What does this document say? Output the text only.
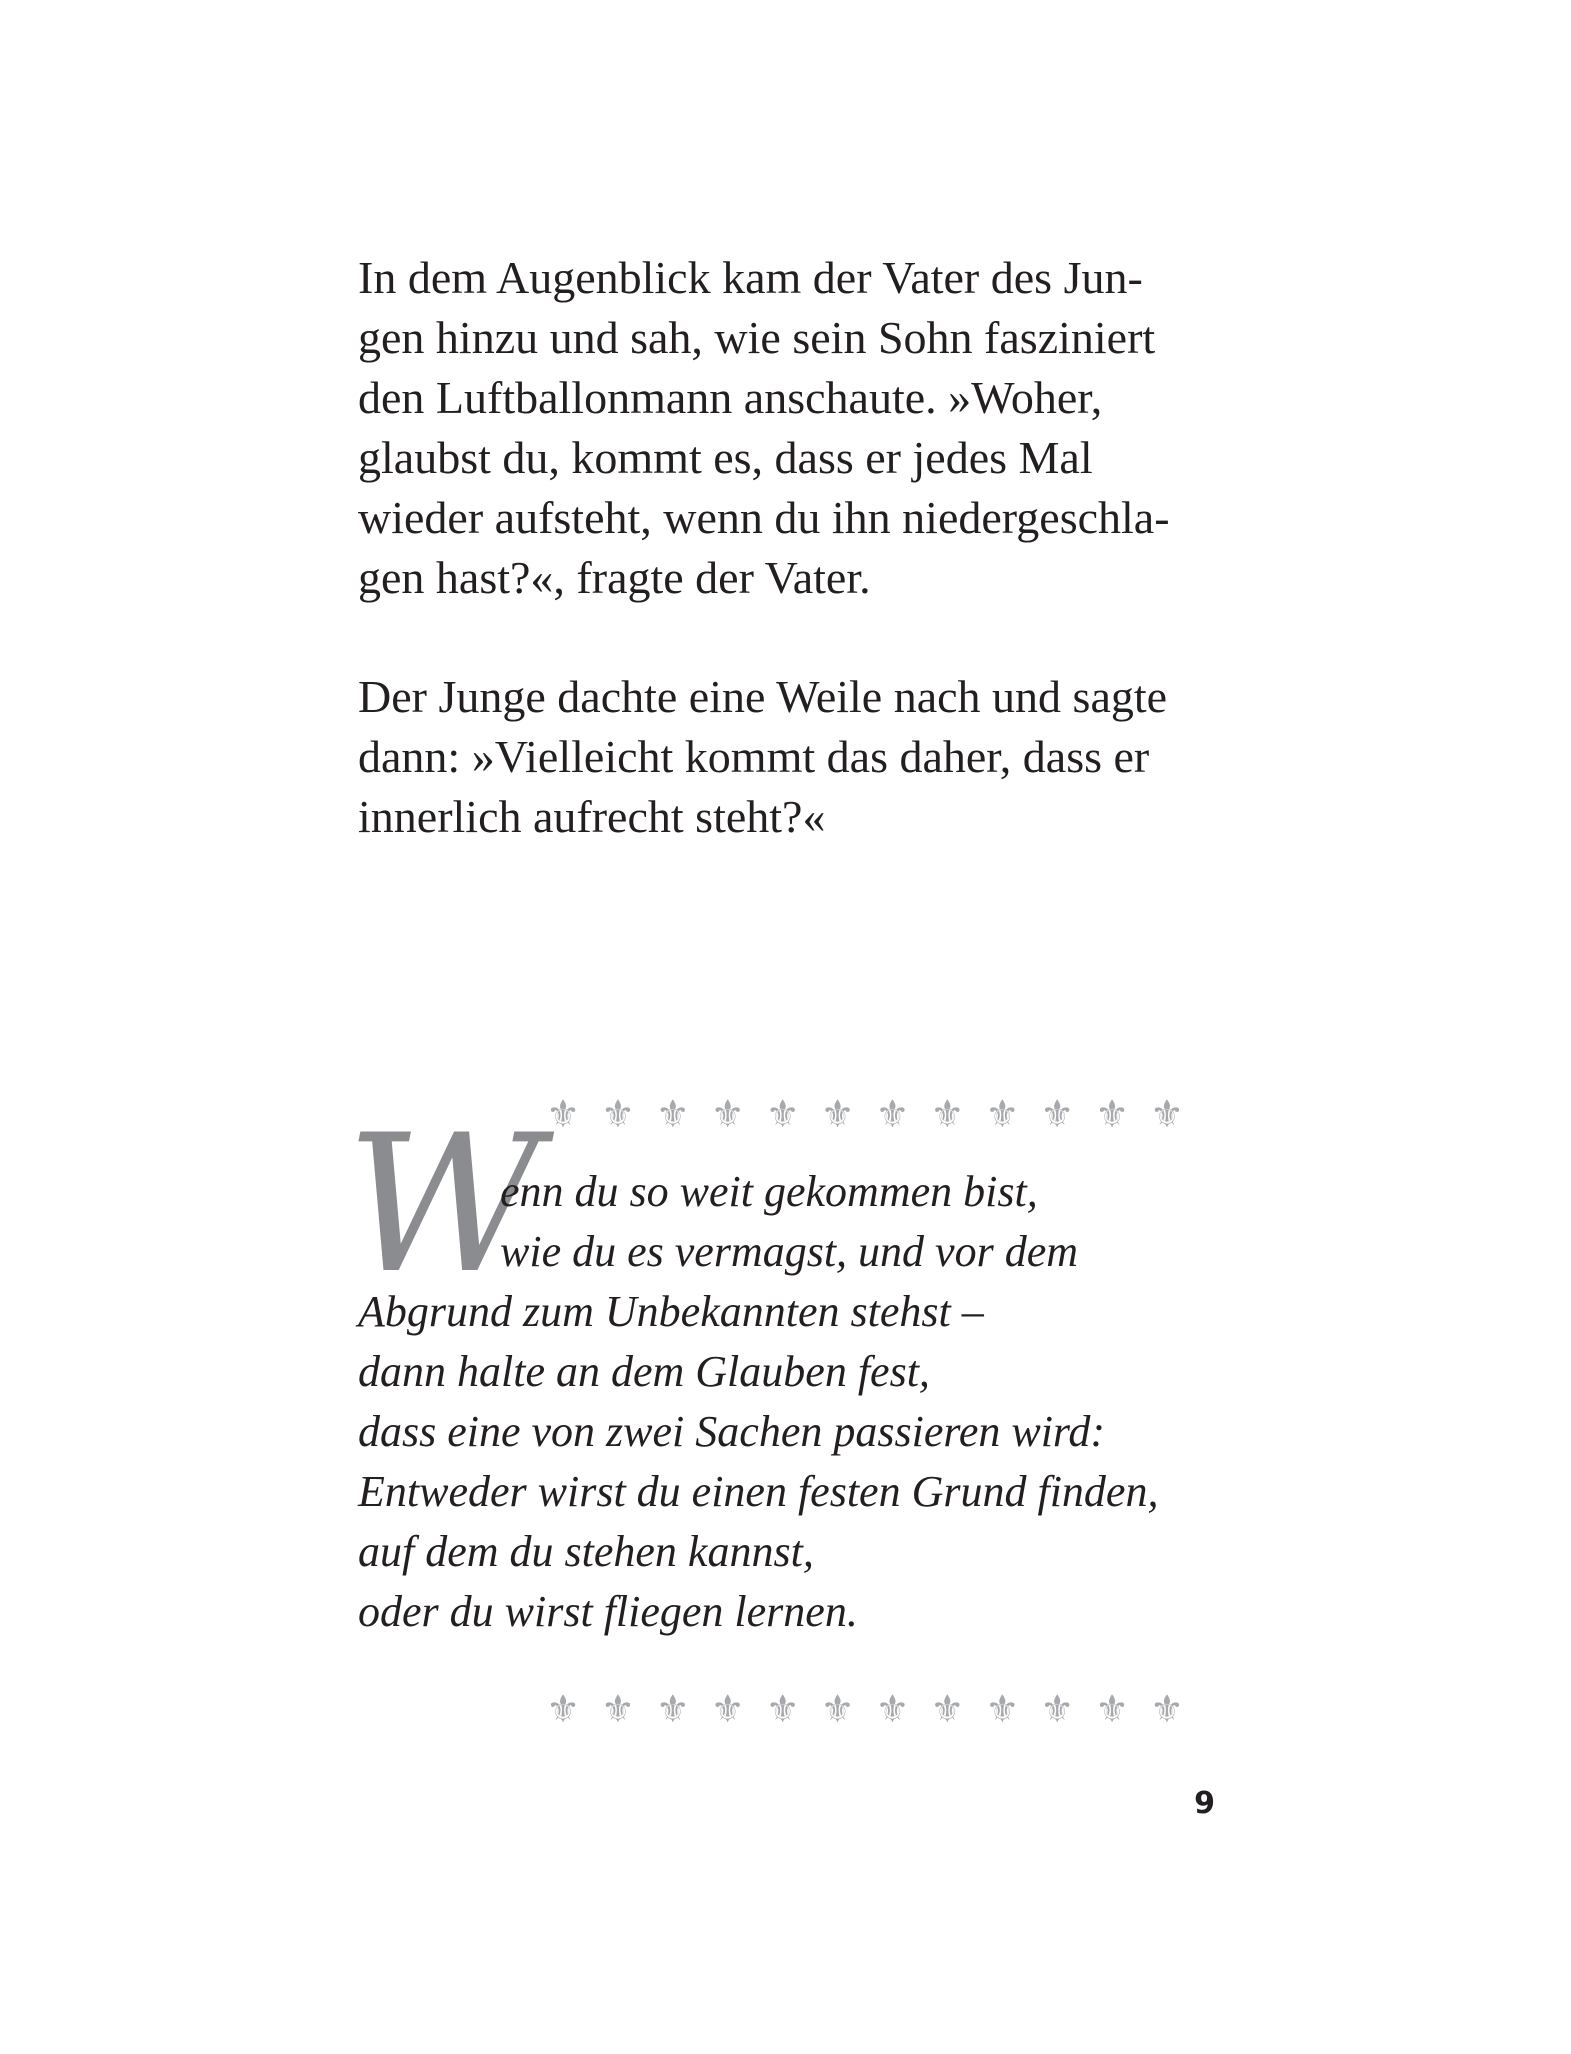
In dem Augenblick kam der Vater des Jun-
gen hinzu und sah, wie sein Sohn fasziniert
den Luftballonmann anschaute. »Woher,
glaubst du, kommt es, dass er jedes Mal
wieder aufsteht, wenn du ihn niedergeschla-
gen hast?«, fragte der Vater.
Der Junge dachte eine Weile nach und sagte
dann: »Vielleicht kommt das daher, dass er
innerlich aufrecht steht?«
⚜ ⚜ ⚜ ⚜ ⚜ ⚜ ⚜ ⚜ ⚜ ⚜ ⚜ ⚜
W
enn du so weit gekommen bist,
wie du es vermagst, und vor dem
Abgrund zum Unbekannten stehst –
dann halte an dem Glauben fest,
dass eine von zwei Sachen passieren wird:
Entweder wirst du einen festen Grund finden,
auf dem du stehen kannst,
oder du wirst fliegen lernen.
⚜ ⚜ ⚜ ⚜ ⚜ ⚜ ⚜ ⚜ ⚜ ⚜ ⚜ ⚜
9
